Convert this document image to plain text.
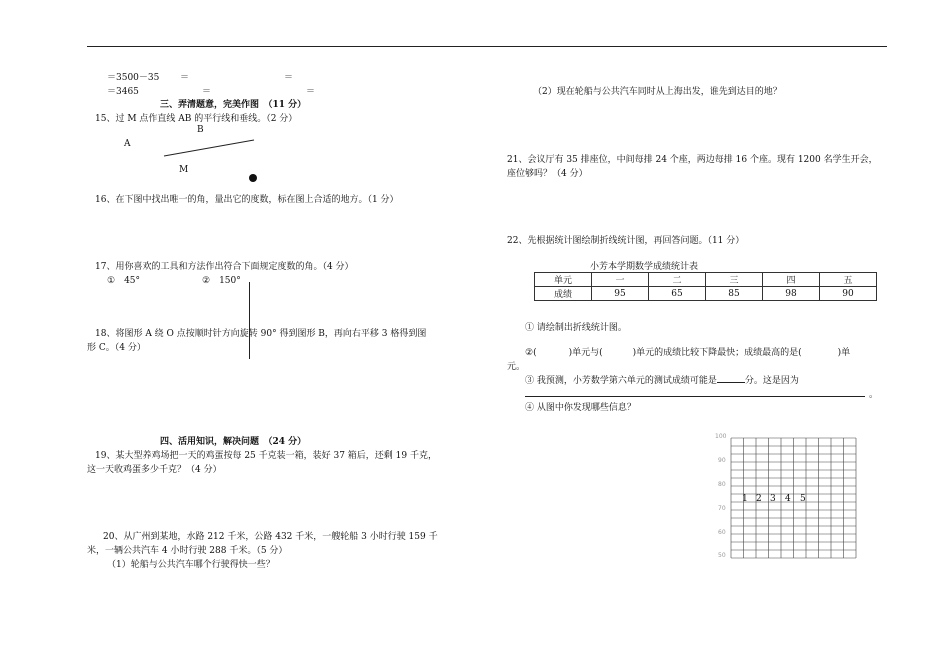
＝3500－35 ＝	＝
＝3465	＝	＝
三、弄清题意，完美作图　（11 分）
15、过 M 点作直线 AB 的平行线和垂线。（2 分）
B
A
M
16、在下图中找出唯一的角，量出它的度数，标在图上合适的地方。（1 分）
17、用你喜欢的工具和方法作出符合下面规定度数的角。（4 分）
①　45°	②　150°
18、将图形 A 绕 O 点按顺时针方向旋转 90° 得到图形 B，再向右平移 3 格得到图
形 C。（4 分）
四、活用知识，解决问题　（24 分）
19、某大型养鸡场把一天的鸡蛋按每 25 千克装一箱，装好 37 箱后，还剩 19 千克，
这一天收鸡蛋多少千克？（4 分）
20、从广州到某地，水路 212 千米，公路 432 千米，一艘轮船 3 小时行驶 159 千
米，一辆公共汽车 4 小时行驶 288 千米。（5 分）
（1）轮船与公共汽车哪个行驶得快一些？
（2）现在轮船与公共汽车同时从上海出发，谁先到达目的地？
21、会议厅有 35 排座位，中间每排 24 个座，两边每排 16 个座。现有 1200 名学生开会，
座位够吗？（4 分）
22、先根据统计图绘制折线统计图，再回答问题。（11 分）
小芳本学期数学成绩统计表
单元	一	二	三	四	五
成绩	95	65	85	98	90
① 请绘制出折线统计图。
②(	)单元与(	)单元的成绩比较下降最快；成绩最高的是(	)单
元。
③ 我预测，小芳数学第六单元的测试成绩可能是	分。这是因为
。
④ 从图中你发现哪些信息？
100
90
80
70
60
50
1 2 3 4 5
